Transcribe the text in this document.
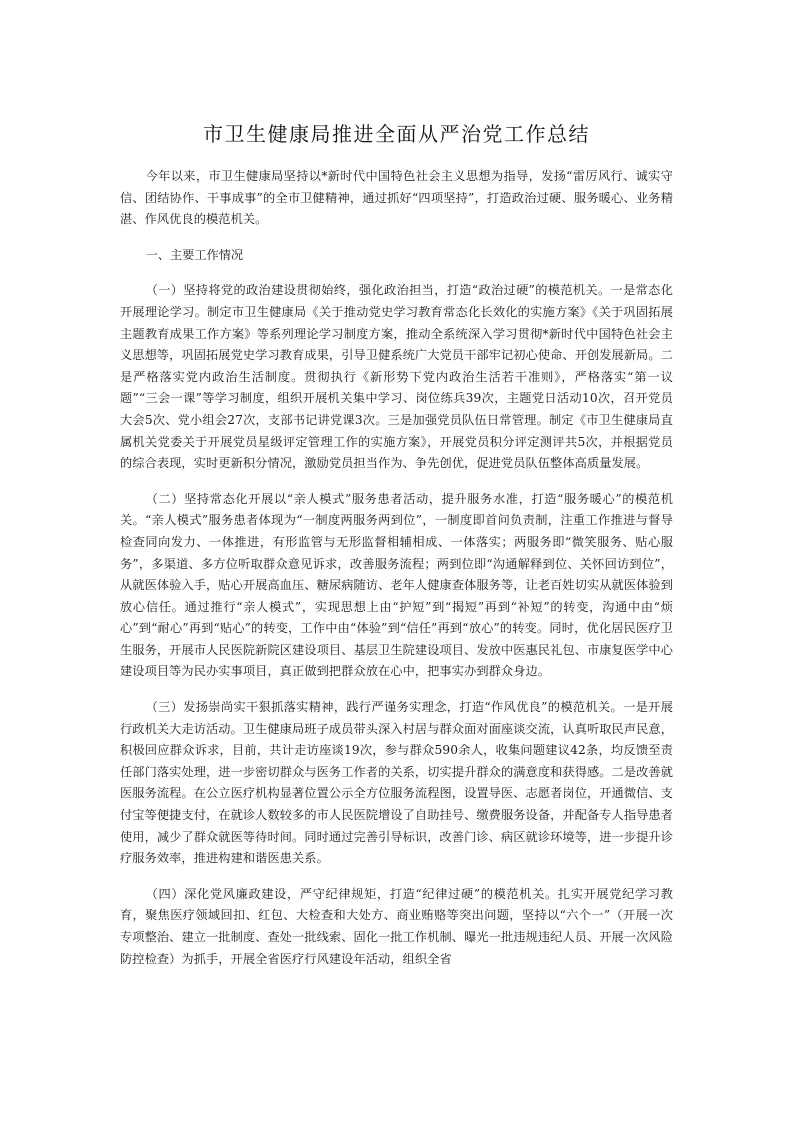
市卫生健康局推进全面从严治党工作总结

今年以来，市卫生健康局坚持以*新时代中国特色社会主义思想为指导，发扬“雷厉风行、诚实守信、团结协作、干事成事”的全市卫健精神，通过抓好“四项坚持”，打造政治过硬、服务暖心、业务精湛、作风优良的模范机关。

一、主要工作情况

（一）坚持将党的政治建设贯彻始终，强化政治担当，打造“政治过硬”的模范机关。一是常态化开展理论学习。制定市卫生健康局《关于推动党史学习教育常态化长效化的实施方案》《关于巩固拓展主题教育成果工作方案》等系列理论学习制度方案，推动全系统深入学习贯彻*新时代中国特色社会主义思想等，巩固拓展党史学习教育成果，引导卫健系统广大党员干部牢记初心使命、开创发展新局。二是严格落实党内政治生活制度。贯彻执行《新形势下党内政治生活若干准则》，严格落实“第一议题”“三会一课”等学习制度，组织开展机关集中学习、岗位练兵39次，主题党日活动10次，召开党员大会5次、党小组会27次，支部书记讲党课3次。三是加强党员队伍日常管理。制定《市卫生健康局直属机关党委关于开展党员星级评定管理工作的实施方案》，开展党员积分评定测评共5次，并根据党员的综合表现，实时更新积分情况，激励党员担当作为、争先创优，促进党员队伍整体高质量发展。

（二）坚持常态化开展以“亲人模式”服务患者活动，提升服务水准，打造“服务暖心”的模范机关。“亲人模式”服务患者体现为“一制度两服务两到位”，一制度即首问负责制，注重工作推进与督导检查同向发力、一体推进，有形监管与无形监督相辅相成、一体落实；两服务即“微笑服务、贴心服务”，多渠道、多方位听取群众意见诉求，改善服务流程；两到位即“沟通解释到位、关怀回访到位”，从就医体验入手，贴心开展高血压、糖尿病随访、老年人健康查体服务等，让老百姓切实从就医体验到放心信任。通过推行“亲人模式”，实现思想上由“护短”到“揭短”再到“补短”的转变，沟通中由“烦心”到“耐心”再到“贴心”的转变，工作中由“体验”到“信任”再到“放心”的转变。同时，优化居民医疗卫生服务，开展市人民医院新院区建设项目、基层卫生院建设项目、发放中医惠民礼包、市康复医学中心建设项目等为民办实事项目，真正做到把群众放在心中，把事实办到群众身边。

（三）发扬崇尚实干狠抓落实精神，践行严谨务实理念，打造“作风优良”的模范机关。一是开展行政机关大走访活动。卫生健康局班子成员带头深入村居与群众面对面座谈交流，认真听取民声民意，积极回应群众诉求，目前，共计走访座谈19次，参与群众590余人，收集问题建议42条，均反馈至责任部门落实处理，进一步密切群众与医务工作者的关系，切实提升群众的满意度和获得感。二是改善就医服务流程。在公立医疗机构显著位置公示全方位服务流程图，设置导医、志愿者岗位，开通微信、支付宝等便捷支付，在就诊人数较多的市人民医院增设了自助挂号、缴费服务设备，并配备专人指导患者使用，减少了群众就医等待时间。同时通过完善引导标识，改善门诊、病区就诊环境等，进一步提升诊疗服务效率，推进构建和谐医患关系。

（四）深化党风廉政建设，严守纪律规矩，打造“纪律过硬”的模范机关。扎实开展党纪学习教育，聚焦医疗领域回扣、红包、大检查和大处方、商业贿赂等突出问题，坚持以“六个一”（开展一次专项整治、建立一批制度、查处一批线索、固化一批工作机制、曝光一批违规违纪人员、开展一次风险防控检查）为抓手，开展全省医疗行风建设年活动，组织全省
